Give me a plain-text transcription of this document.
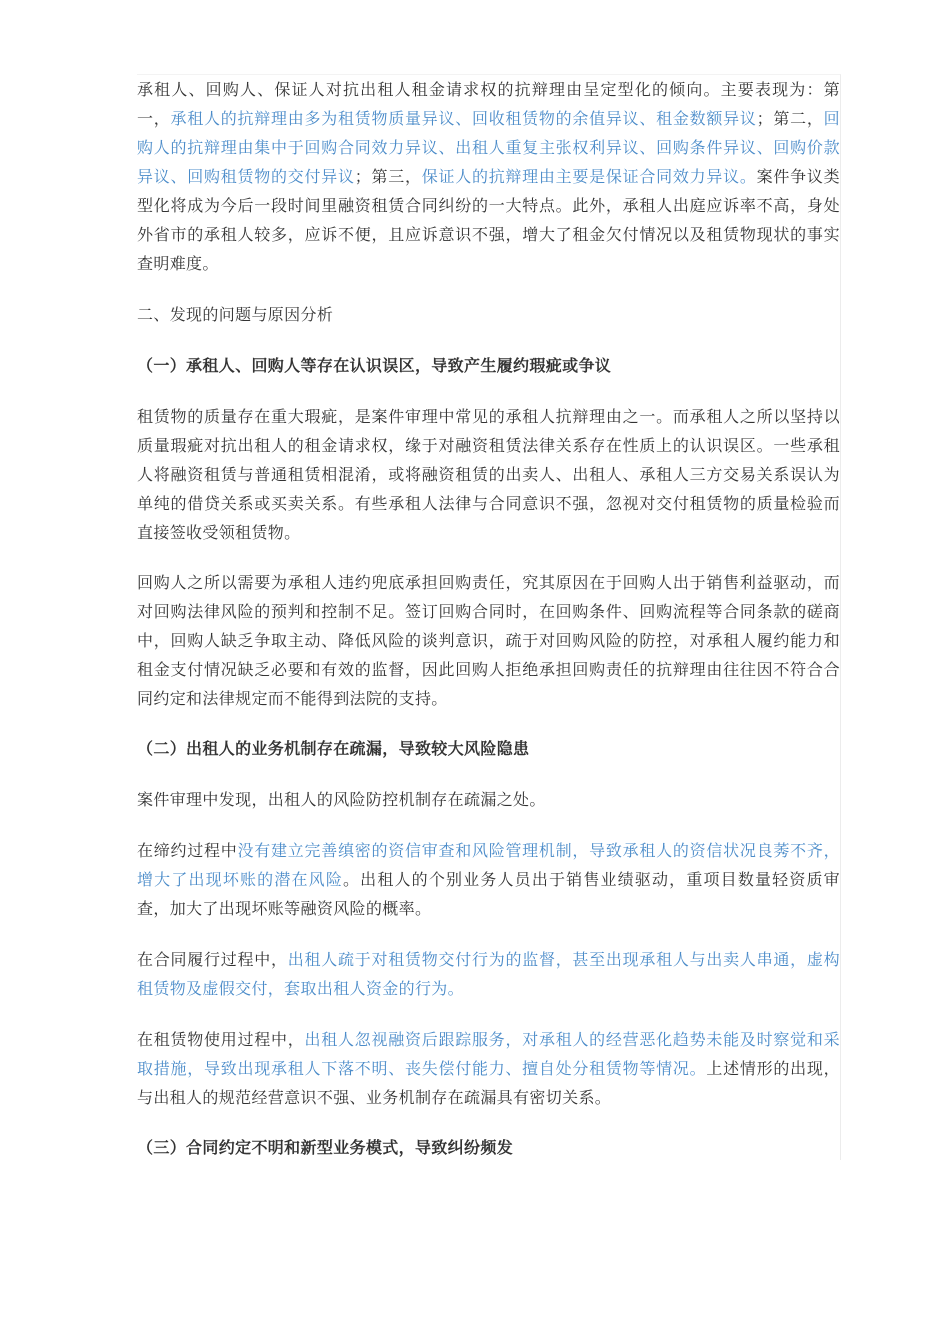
承租人、回购人、保证人对抗出租人租金请求权的抗辩理由呈定型化的倾向。主要表现为：第一，承租人的抗辩理由多为租赁物质量异议、回收租赁物的余值异议、租金数额异议；第二，回购人的抗辩理由集中于回购合同效力异议、出租人重复主张权利异议、回购条件异议、回购价款异议、回购租赁物的交付异议；第三，保证人的抗辩理由主要是保证合同效力异议。案件争议类型化将成为今后一段时间里融资租赁合同纠纷的一大特点。此外，承租人出庭应诉率不高，身处外省市的承租人较多，应诉不便，且应诉意识不强，增大了租金欠付情况以及租赁物现状的事实查明难度。

二、发现的问题与原因分析

（一）承租人、回购人等存在认识误区，导致产生履约瑕疵或争议

租赁物的质量存在重大瑕疵，是案件审理中常见的承租人抗辩理由之一。而承租人之所以坚持以质量瑕疵对抗出租人的租金请求权，缘于对融资租赁法律关系存在性质上的认识误区。一些承租人将融资租赁与普通租赁相混淆，或将融资租赁的出卖人、出租人、承租人三方交易关系误认为单纯的借贷关系或买卖关系。有些承租人法律与合同意识不强，忽视对交付租赁物的质量检验而直接签收受领租赁物。

回购人之所以需要为承租人违约兜底承担回购责任，究其原因在于回购人出于销售利益驱动，而对回购法律风险的预判和控制不足。签订回购合同时，在回购条件、回购流程等合同条款的磋商中，回购人缺乏争取主动、降低风险的谈判意识，疏于对回购风险的防控，对承租人履约能力和租金支付情况缺乏必要和有效的监督，因此回购人拒绝承担回购责任的抗辩理由往往因不符合合同约定和法律规定而不能得到法院的支持。

（二）出租人的业务机制存在疏漏，导致较大风险隐患

案件审理中发现，出租人的风险防控机制存在疏漏之处。

在缔约过程中没有建立完善缜密的资信审查和风险管理机制，导致承租人的资信状况良莠不齐，增大了出现坏账的潜在风险。出租人的个别业务人员出于销售业绩驱动，重项目数量轻资质审查，加大了出现坏账等融资风险的概率。

在合同履行过程中，出租人疏于对租赁物交付行为的监督，甚至出现承租人与出卖人串通，虚构租赁物及虚假交付，套取出租人资金的行为。

在租赁物使用过程中，出租人忽视融资后跟踪服务，对承租人的经营恶化趋势未能及时察觉和采取措施，导致出现承租人下落不明、丧失偿付能力、擅自处分租赁物等情况。上述情形的出现，与出租人的规范经营意识不强、业务机制存在疏漏具有密切关系。

（三）合同约定不明和新型业务模式，导致纠纷频发
